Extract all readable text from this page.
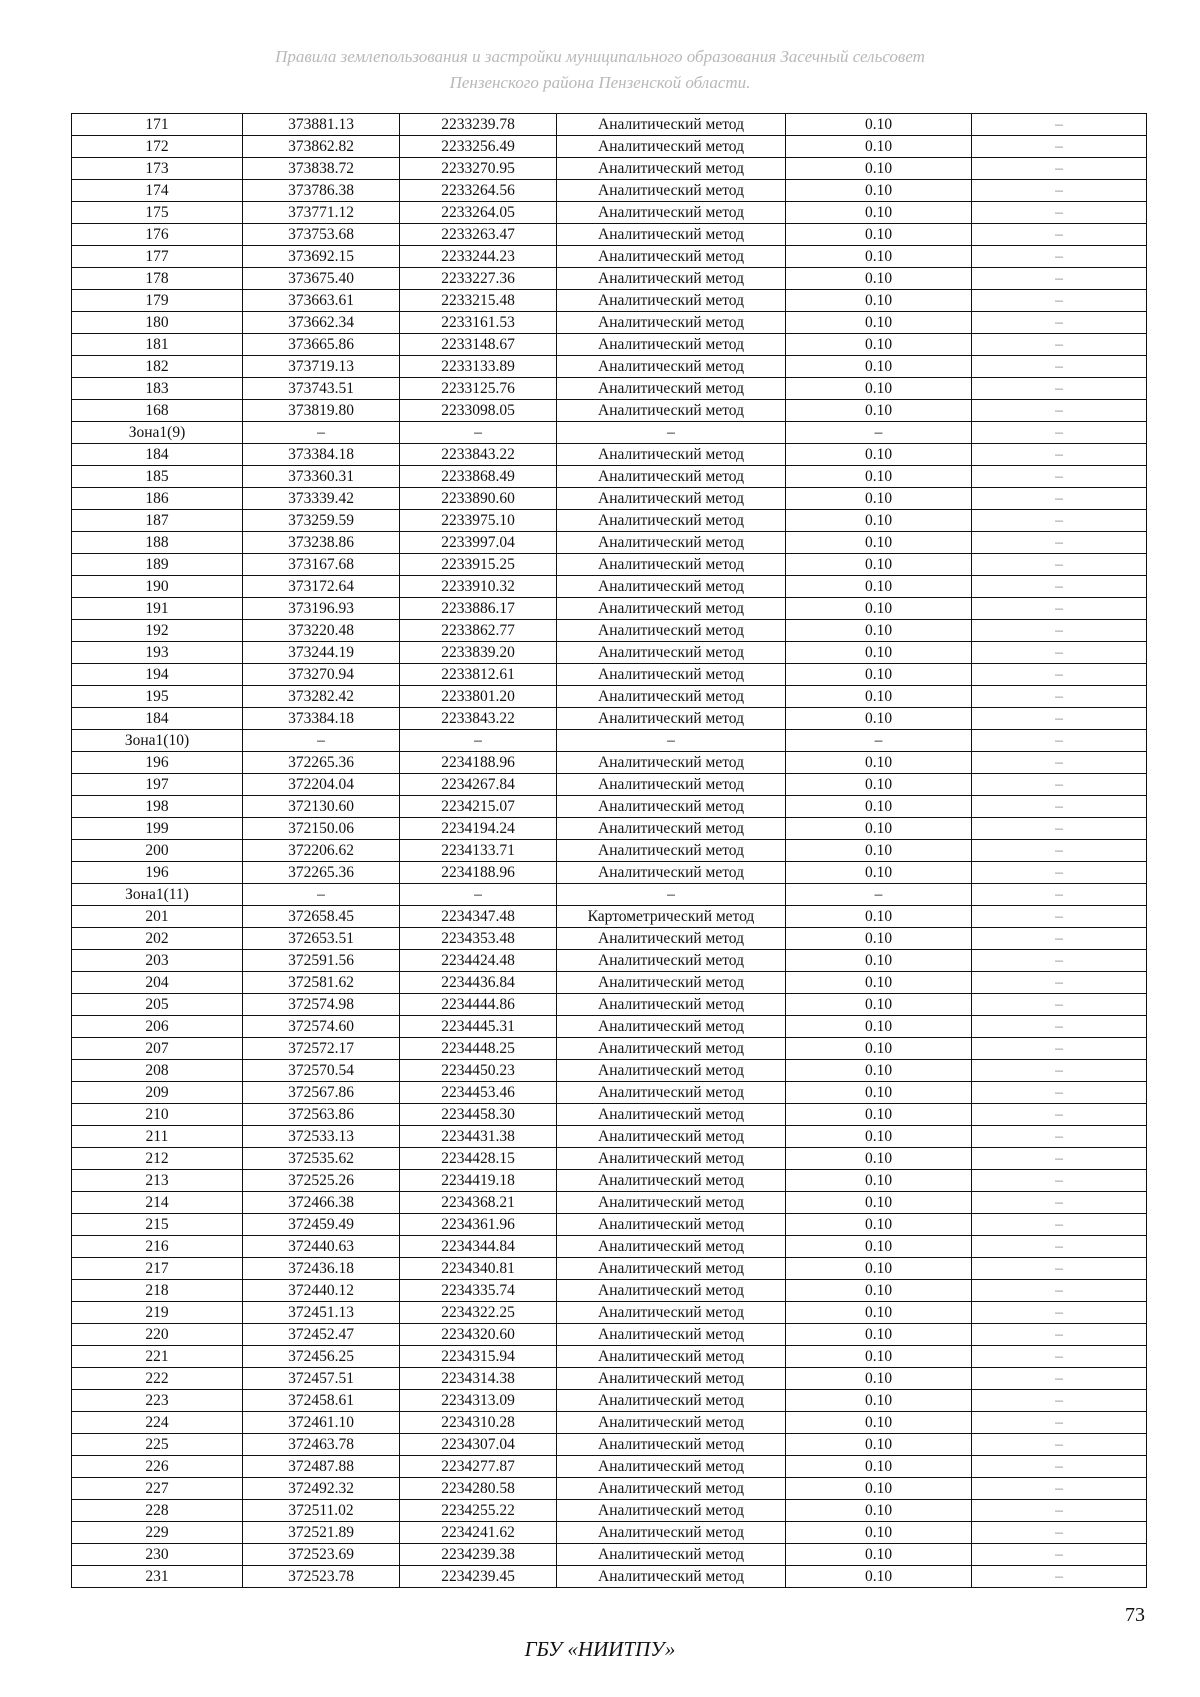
Правила землепользования и застройки муниципального образования Засечный сельсовет
Пензенского района Пензенской области.
171	373881.13	2233239.78	Аналитический метод	0.10	–
172	373862.82	2233256.49	Аналитический метод	0.10	–
173	373838.72	2233270.95	Аналитический метод	0.10	–
174	373786.38	2233264.56	Аналитический метод	0.10	–
175	373771.12	2233264.05	Аналитический метод	0.10	–
176	373753.68	2233263.47	Аналитический метод	0.10	–
177	373692.15	2233244.23	Аналитический метод	0.10	–
178	373675.40	2233227.36	Аналитический метод	0.10	–
179	373663.61	2233215.48	Аналитический метод	0.10	–
180	373662.34	2233161.53	Аналитический метод	0.10	–
181	373665.86	2233148.67	Аналитический метод	0.10	–
182	373719.13	2233133.89	Аналитический метод	0.10	–
183	373743.51	2233125.76	Аналитический метод	0.10	–
168	373819.80	2233098.05	Аналитический метод	0.10	–
Зона1(9)	–	–	–	–	–
184	373384.18	2233843.22	Аналитический метод	0.10	–
185	373360.31	2233868.49	Аналитический метод	0.10	–
186	373339.42	2233890.60	Аналитический метод	0.10	–
187	373259.59	2233975.10	Аналитический метод	0.10	–
188	373238.86	2233997.04	Аналитический метод	0.10	–
189	373167.68	2233915.25	Аналитический метод	0.10	–
190	373172.64	2233910.32	Аналитический метод	0.10	–
191	373196.93	2233886.17	Аналитический метод	0.10	–
192	373220.48	2233862.77	Аналитический метод	0.10	–
193	373244.19	2233839.20	Аналитический метод	0.10	–
194	373270.94	2233812.61	Аналитический метод	0.10	–
195	373282.42	2233801.20	Аналитический метод	0.10	–
184	373384.18	2233843.22	Аналитический метод	0.10	–
Зона1(10)	–	–	–	–	–
196	372265.36	2234188.96	Аналитический метод	0.10	–
197	372204.04	2234267.84	Аналитический метод	0.10	–
198	372130.60	2234215.07	Аналитический метод	0.10	–
199	372150.06	2234194.24	Аналитический метод	0.10	–
200	372206.62	2234133.71	Аналитический метод	0.10	–
196	372265.36	2234188.96	Аналитический метод	0.10	–
Зона1(11)	–	–	–	–	–
201	372658.45	2234347.48	Картометрический метод	0.10	–
202	372653.51	2234353.48	Аналитический метод	0.10	–
203	372591.56	2234424.48	Аналитический метод	0.10	–
204	372581.62	2234436.84	Аналитический метод	0.10	–
205	372574.98	2234444.86	Аналитический метод	0.10	–
206	372574.60	2234445.31	Аналитический метод	0.10	–
207	372572.17	2234448.25	Аналитический метод	0.10	–
208	372570.54	2234450.23	Аналитический метод	0.10	–
209	372567.86	2234453.46	Аналитический метод	0.10	–
210	372563.86	2234458.30	Аналитический метод	0.10	–
211	372533.13	2234431.38	Аналитический метод	0.10	–
212	372535.62	2234428.15	Аналитический метод	0.10	–
213	372525.26	2234419.18	Аналитический метод	0.10	–
214	372466.38	2234368.21	Аналитический метод	0.10	–
215	372459.49	2234361.96	Аналитический метод	0.10	–
216	372440.63	2234344.84	Аналитический метод	0.10	–
217	372436.18	2234340.81	Аналитический метод	0.10	–
218	372440.12	2234335.74	Аналитический метод	0.10	–
219	372451.13	2234322.25	Аналитический метод	0.10	–
220	372452.47	2234320.60	Аналитический метод	0.10	–
221	372456.25	2234315.94	Аналитический метод	0.10	–
222	372457.51	2234314.38	Аналитический метод	0.10	–
223	372458.61	2234313.09	Аналитический метод	0.10	–
224	372461.10	2234310.28	Аналитический метод	0.10	–
225	372463.78	2234307.04	Аналитический метод	0.10	–
226	372487.88	2234277.87	Аналитический метод	0.10	–
227	372492.32	2234280.58	Аналитический метод	0.10	–
228	372511.02	2234255.22	Аналитический метод	0.10	–
229	372521.89	2234241.62	Аналитический метод	0.10	–
230	372523.69	2234239.38	Аналитический метод	0.10	–
231	372523.78	2234239.45	Аналитический метод	0.10	–
73
ГБУ «НИИТПУ»
